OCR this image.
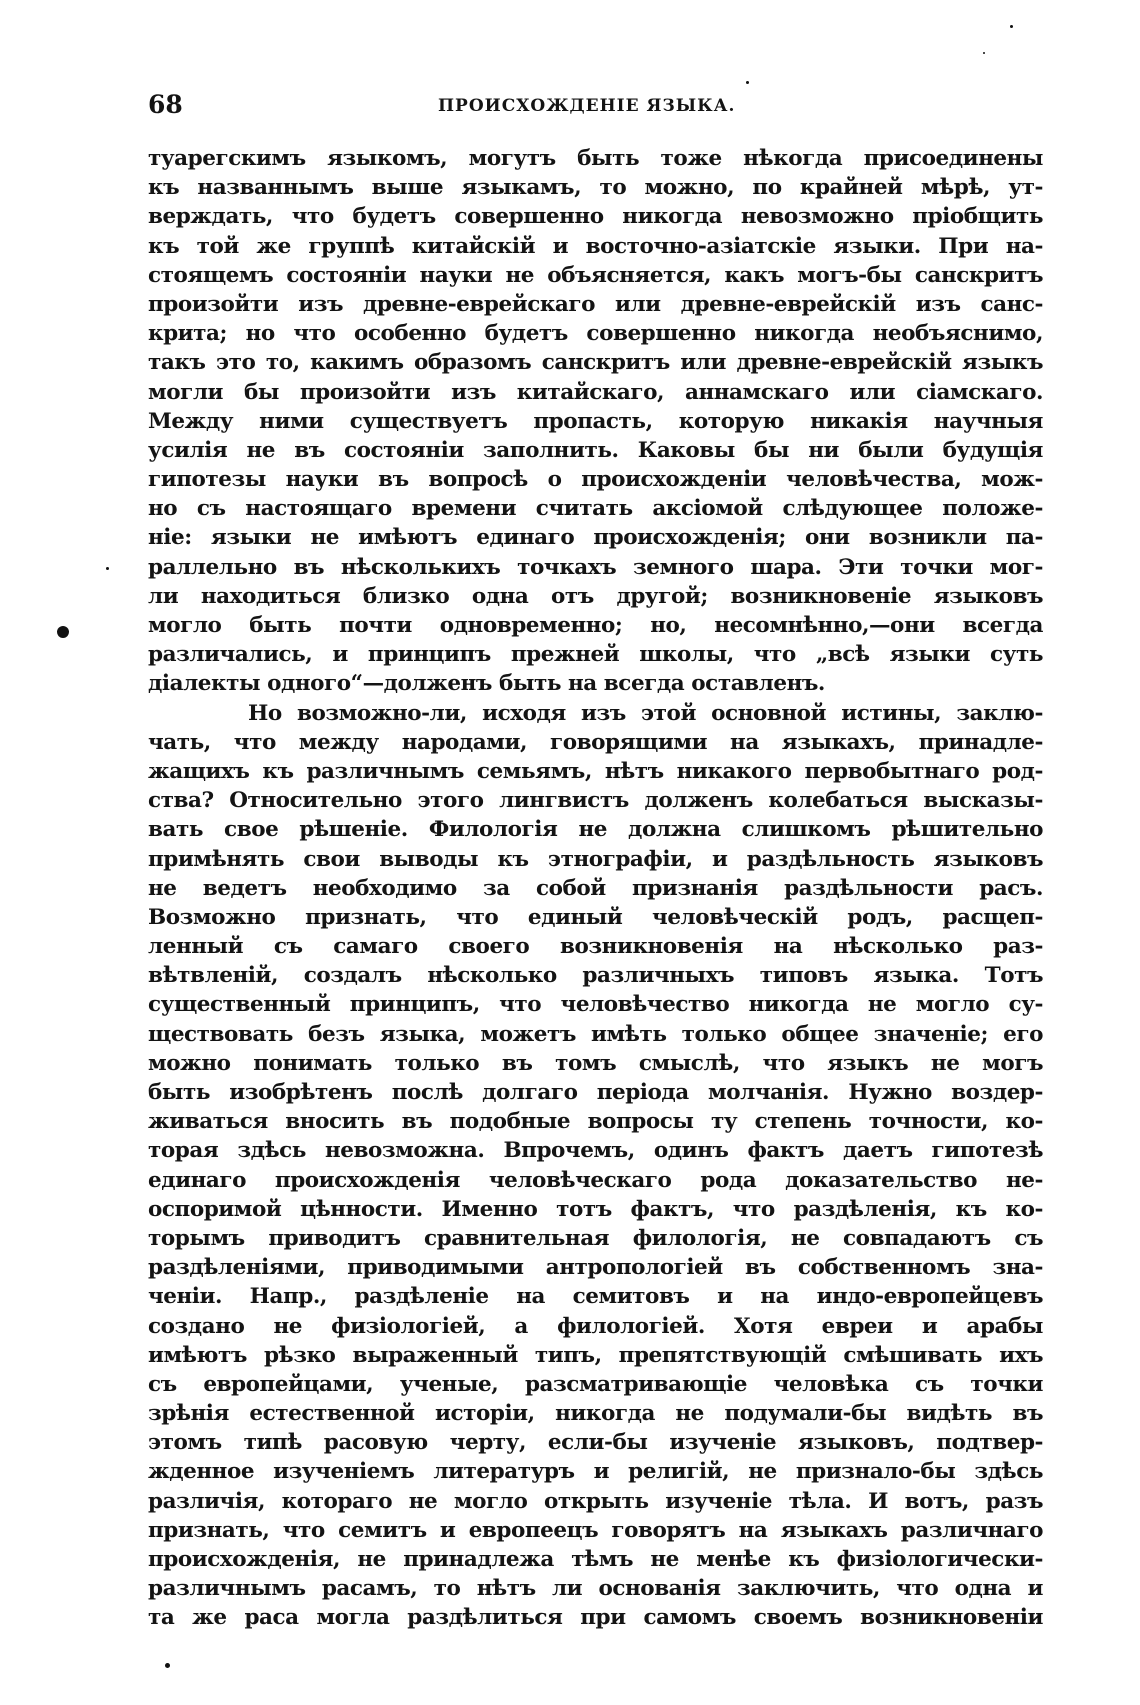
68	ПРОИСХОЖДЕНІЕ ЯЗЫКА.
туарегскимъ языкомъ, могутъ быть тоже нѣкогда присоединены
къ названнымъ выше языкамъ, то можно, по крайней мѣрѣ, ут-
верждать, что будетъ совершенно никогда невозможно пріобщить
къ той же группѣ китайскій и восточно-азіатскіе языки. При на-
стоящемъ состояніи науки не объясняется, какъ могъ-бы санскритъ
произойти изъ древне-еврейскаго или древне-еврейскій изъ санс-
крита; но что особенно будетъ совершенно никогда необъяснимо,
такъ это то, какимъ образомъ санскритъ или древне-еврейскій языкъ
могли бы произойти изъ китайскаго, аннамскаго или сіамскаго.
Между ними существуетъ пропасть, которую никакія научныя
усилія не въ состояніи заполнить. Каковы бы ни были будущія
гипотезы науки въ вопросѣ о происхожденіи человѣчества, мож-
но съ настоящаго времени считать аксіомой слѣдующее положе-
ніе: языки не имѣютъ единаго происхожденія; они возникли па-
раллельно въ нѣсколькихъ точкахъ земного шара. Эти точки мог-
ли находиться близко одна отъ другой; возникновеніе языковъ
могло быть почти одновременно; но, несомнѣнно,—они всегда
различались, и принципъ прежней школы, что „всѣ языки суть
діалекты одного“—долженъ быть на всегда оставленъ.
Но возможно-ли, исходя изъ этой основной истины, заклю-
чать, что между народами, говорящими на языкахъ, принадле-
жащихъ къ различнымъ семьямъ, нѣтъ никакого первобытнаго род-
ства? Относительно этого лингвистъ долженъ колебаться высказы-
вать свое рѣшеніе. Филологія не должна слишкомъ рѣшительно
примѣнять свои выводы къ этнографіи, и раздѣльность языковъ
не ведетъ необходимо за собой признанія раздѣльности расъ.
Возможно признать, что единый человѣческій родъ, расщеп-
ленный съ самаго своего возникновенія на нѣсколько раз-
вѣтвленій, создалъ нѣсколько различныхъ типовъ языка. Тотъ
существенный принципъ, что человѣчество никогда не могло су-
ществовать безъ языка, можетъ имѣть только общее значеніе; его
можно понимать только въ томъ смыслѣ, что языкъ не могъ
быть изобрѣтенъ послѣ долгаго періода молчанія. Нужно воздер-
живаться вносить въ подобные вопросы ту степень точности, ко-
торая здѣсь невозможна. Впрочемъ, одинъ фактъ даетъ гипотезѣ
единаго происхожденія человѣческаго рода доказательство не-
оспоримой цѣнности. Именно тотъ фактъ, что раздѣленія, къ ко-
торымъ приводитъ сравнительная филологія, не совпадаютъ съ
раздѣленіями, приводимыми антропологіей въ собственномъ зна-
ченіи. Напр., раздѣленіе на семитовъ и на индо-европейцевъ
создано не физіологіей, а филологіей. Хотя евреи и арабы
имѣютъ рѣзко выраженный типъ, препятствующій смѣшивать ихъ
съ европейцами, ученые, разсматривающіе человѣка съ точки
зрѣнія естественной исторіи, никогда не подумали-бы видѣть въ
этомъ типѣ расовую черту, если-бы изученіе языковъ, подтвер-
жденное изученіемъ литературъ и религій, не признало-бы здѣсь
различія, котораго не могло открыть изученіе тѣла. И вотъ, разъ
признать, что семитъ и европеецъ говорятъ на языкахъ различнаго
происхожденія, не принадлежа тѣмъ не менѣе къ физіологически-
различнымъ расамъ, то нѣтъ ли основанія заключить, что одна и
та же раса могла раздѣлиться при самомъ своемъ возникновеніи
